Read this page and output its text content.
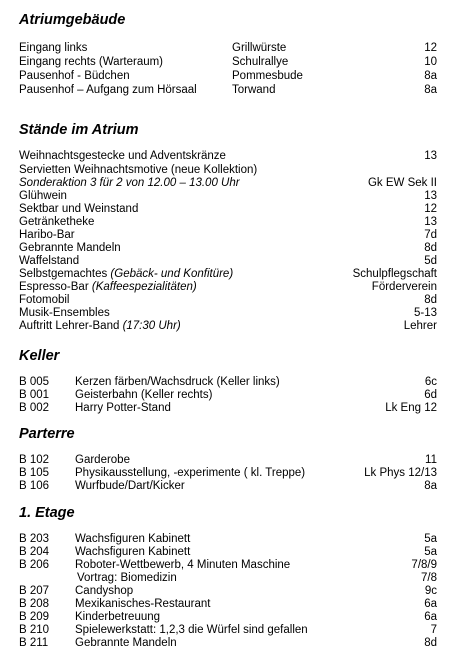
Atriumgebäude
Eingang links	Grillwürste	12
Eingang rechts (Warteraum)	Schulrallye	10
Pausenhof - Büdchen	Pommesbude	8a
Pausenhof – Aufgang zum Hörsaal	Torwand	8a
Stände im Atrium
Weihnachtsgestecke und Adventskränze	13
Servietten Weihnachtsmotive (neue Kollektion)
Sonderaktion 3 für 2 von 12.00 – 13.00 Uhr	Gk EW Sek II
Glühwein	13
Sektbar und Weinstand	12
Getränketheke	13
Haribo-Bar	7d
Gebrannte Mandeln	8d
Waffelstand	5d
Selbstgemachtes (Gebäck- und Konfitüre)	Schulpflegschaft
Espresso-Bar (Kaffeespezialitäten)	Förderverein
Fotomobil	8d
Musik-Ensembles	5-13
Auftritt Lehrer-Band (17:30 Uhr)	Lehrer
Keller
B 005 Kerzen färben/Wachsdruck (Keller links)	6c
B 001 Geisterbahn (Keller rechts)	6d
B 002 Harry Potter-Stand	Lk Eng 12
Parterre
B 102 Garderobe	11
B 105 Physikausstellung, -experimente ( kl. Treppe)	Lk Phys 12/13
B 106 Wurfbude/Dart/Kicker	8a
1. Etage
B 203 Wachsfiguren Kabinett	5a
B 204 Wachsfiguren Kabinett	5a
B 206 Roboter-Wettbewerb, 4 Minuten Maschine	7/8/9
Vortrag: Biomedizin	7/8
B 207 Candyshop	9c
B 208 Mexikanisches-Restaurant	6a
B 209 Kinderbetreuung	6a
B 210 Spielewerkstatt: 1,2,3 die Würfel sind gefallen	7
B 211 Gebrannte Mandeln	8d
